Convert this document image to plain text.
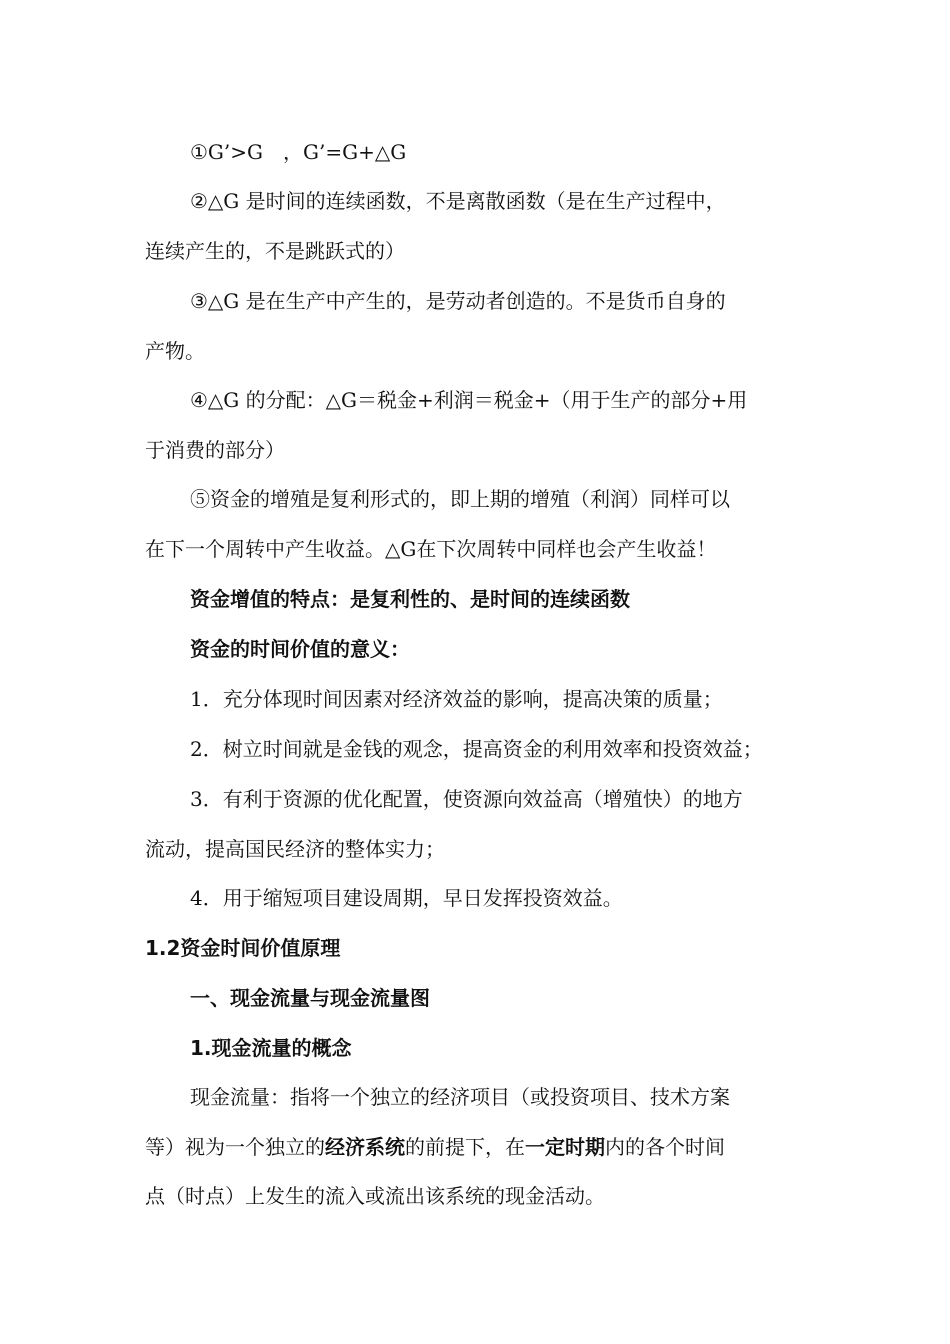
①G’>G　，G’=G+△G
②△G 是时间的连续函数，不是离散函数（是在生产过程中，
连续产生的，不是跳跃式的）
③△G 是在生产中产生的，是劳动者创造的。不是货币自身的
产物。
④△G 的分配：△G＝税金+利润＝税金+（用于生产的部分+用
于消费的部分）
⑤资金的增殖是复利形式的，即上期的增殖（利润）同样可以
在下一个周转中产生收益。△G在下次周转中同样也会产生收益！
资金增值的特点：是复利性的、是时间的连续函数
资金的时间价值的意义：
1．充分体现时间因素对经济效益的影响，提高决策的质量；
2．树立时间就是金钱的观念，提高资金的利用效率和投资效益；
3．有利于资源的优化配置，使资源向效益高（增殖快）的地方
流动，提高国民经济的整体实力；
4．用于缩短项目建设周期，早日发挥投资效益。
1.2资金时间价值原理
一、现金流量与现金流量图
1.现金流量的概念
现金流量：指将一个独立的经济项目（或投资项目、技术方案
等）视为一个独立的经济系统的前提下，在一定时期内的各个时间
点（时点）上发生的流入或流出该系统的现金活动。
